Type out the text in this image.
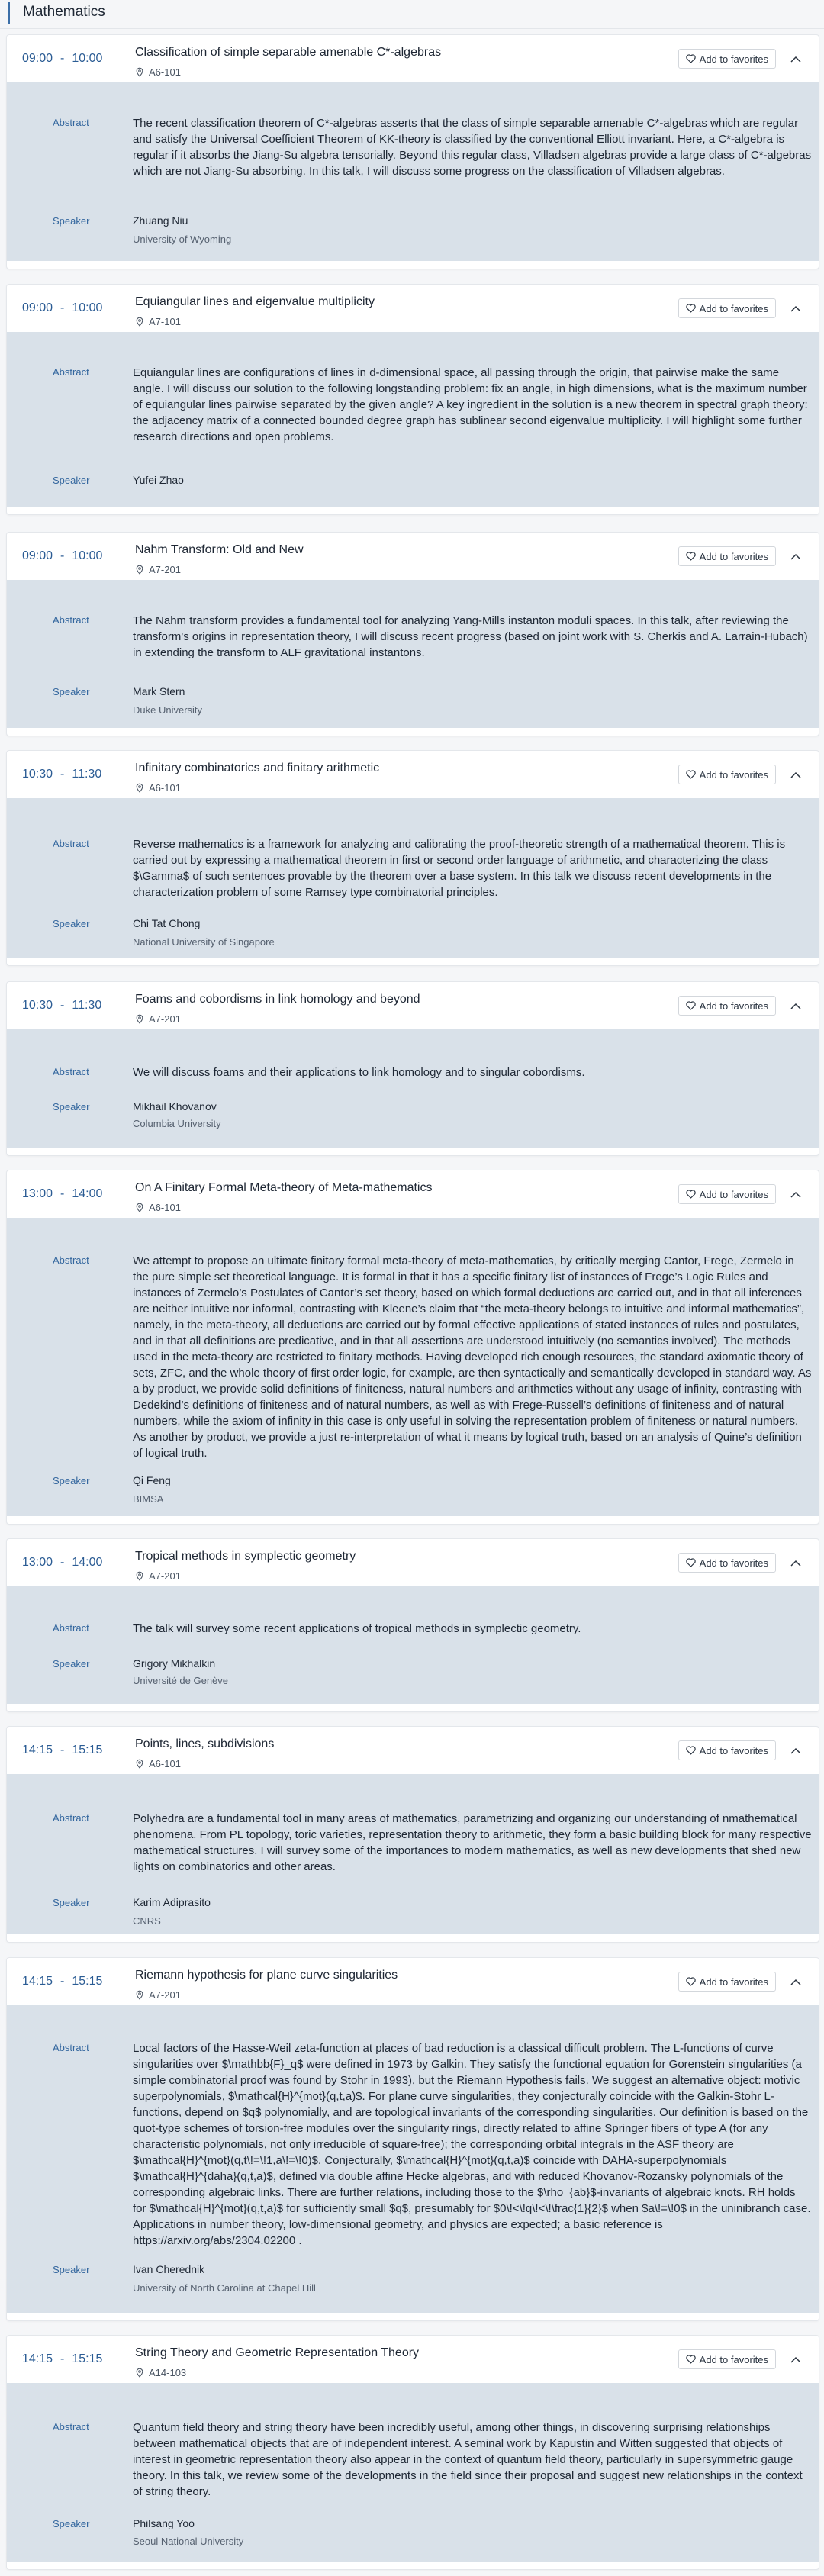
Mathematics
09:00 - 10:00	Classification of simple separable amenable C*-algebras
A6-101
Add to favorites
Abstract	The recent classification theorem of C*-algebras asserts that the class of simple separable amenable C*-algebras which are regular and satisfy the Universal Coefficient Theorem of KK-theory is classified by the conventional Elliott invariant. Here, a C*-algebra is regular if it absorbs the Jiang-Su algebra tensorially. Beyond this regular class, Villadsen algebras provide a large class of C*-algebras which are not Jiang-Su absorbing. In this talk, I will discuss some progress on the classification of Villadsen algebras.
Speaker	Zhuang Niu
University of Wyoming
09:00 - 10:00	Equiangular lines and eigenvalue multiplicity
A7-101
Add to favorites
Abstract	Equiangular lines are configurations of lines in d-dimensional space, all passing through the origin, that pairwise make the same angle. I will discuss our solution to the following longstanding problem: fix an angle, in high dimensions, what is the maximum number of equiangular lines pairwise separated by the given angle? A key ingredient in the solution is a new theorem in spectral graph theory: the adjacency matrix of a connected bounded degree graph has sublinear second eigenvalue multiplicity. I will highlight some further research directions and open problems.
Speaker	Yufei Zhao
09:00 - 10:00	Nahm Transform: Old and New
A7-201
Add to favorites
Abstract	The Nahm transform provides a fundamental tool for analyzing Yang-Mills instanton moduli spaces. In this talk, after reviewing the transform's origins in representation theory, I will discuss recent progress (based on joint work with S. Cherkis and A. Larrain-Hubach) in extending the transform to ALF gravitational instantons.
Speaker	Mark Stern
Duke University
10:30 - 11:30	Infinitary combinatorics and finitary arithmetic
A6-101
Add to favorites
Abstract	Reverse mathematics is a framework for analyzing and calibrating the proof-theoretic strength of a mathematical theorem. This is carried out by expressing a mathematical theorem in first or second order language of arithmetic, and characterizing the class $\Gamma$ of such sentences provable by the theorem over a base system. In this talk we discuss recent developments in the characterization problem of some Ramsey type combinatorial principles.
Speaker	Chi Tat Chong
National University of Singapore
10:30 - 11:30	Foams and cobordisms in link homology and beyond
A7-201
Add to favorites
Abstract	We will discuss foams and their applications to link homology and to singular cobordisms.
Speaker	Mikhail Khovanov
Columbia University
13:00 - 14:00	On A Finitary Formal Meta-theory of Meta-mathematics
A6-101
Add to favorites
Abstract	We attempt to propose an ultimate finitary formal meta-theory of meta-mathematics, by critically merging Cantor, Frege, Zermelo in the pure simple set theoretical language. It is formal in that it has a specific finitary list of instances of Frege’s Logic Rules and instances of Zermelo’s Postulates of Cantor’s set theory, based on which formal deductions are carried out, and in that all inferences are neither intuitive nor informal, contrasting with Kleene’s claim that “the meta-theory belongs to intuitive and informal mathematics”, namely, in the meta-theory, all deductions are carried out by formal effective applications of stated instances of rules and postulates, and in that all definitions are predicative, and in that all assertions are understood intuitively (no semantics involved). The methods used in the meta-theory are restricted to finitary methods. Having developed rich enough resources, the standard axiomatic theory of sets, ZFC, and the whole theory of first order logic, for example, are then syntactically and semantically developed in standard way. As a by product, we provide solid definitions of finiteness, natural numbers and arithmetics without any usage of infinity, contrasting with Dedekind’s definitions of finiteness and of natural numbers, as well as with Frege-Russell’s definitions of finiteness and of natural numbers, while the axiom of infinity in this case is only useful in solving the representation problem of finiteness or natural numbers. As another by product, we provide a just re-interpretation of what it means by logical truth, based on an analysis of Quine’s definition of logical truth.
Speaker	Qi Feng
BIMSA
13:00 - 14:00	Tropical methods in symplectic geometry
A7-201
Add to favorites
Abstract	The talk will survey some recent applications of tropical methods in symplectic geometry.
Speaker	Grigory Mikhalkin
Université de Genève
14:15 - 15:15	Points, lines, subdivisions
A6-101
Add to favorites
Abstract	Polyhedra are a fundamental tool in many areas of mathematics, parametrizing and organizing our understanding of nmathematical phenomena. From PL topology, toric varieties, representation theory to arithmetic, they form a basic building block for many respective mathematical structures. I will survey some of the importances to modern mathematics, as well as new developments that shed new lights on combinatorics and other areas.
Speaker	Karim Adiprasito
CNRS
14:15 - 15:15	Riemann hypothesis for plane curve singularities
A7-201
Add to favorites
Abstract	Local factors of the Hasse-Weil zeta-function at places of bad reduction is a classical difficult problem. The L-functions of curve singularities over $\mathbb{F}_q$ were defined in 1973 by Galkin. They satisfy the functional equation for Gorenstein singularities (a simple combinatorial proof was found by Stohr in 1993), but the Riemann Hypothesis fails. We suggest an alternative object: motivic superpolynomials, $\mathcal{H}^{mot}(q,t,a)$. For plane curve singularities, they conjecturally coincide with the Galkin-Stohr L-functions, depend on $q$ polynomially, and are topological invariants of the corresponding singularities. Our definition is based on the quot-type schemes of torsion-free modules over the singularity rings, directly related to affine Springer fibers of type A (for any characteristic polynomials, not only irreducible of square-free); the corresponding orbital integrals in the ASF theory are $\mathcal{H}^{mot}(q,t\!=\!1,a\!=\!0)$. Conjecturally, $\mathcal{H}^{mot}(q,t,a)$ coincide with DAHA-superpolynomials $\mathcal{H}^{daha}(q,t,a)$, defined via double affine Hecke algebras, and with reduced Khovanov-Rozansky polynomials of the corresponding algebraic links. There are further relations, including those to the $\rho_{ab}$-invariants of algebraic knots. RH holds for $\mathcal{H}^{mot}(q,t,a)$ for sufficiently small $q$, presumably for $0\!<\!q\!<\!\frac{1}{2}$ when $a\!=\!0$ in the uninibranch case. Applications in number theory, low-dimensional geometry, and physics are expected; a basic reference is https://arxiv.org/abs/2304.02200 .
Speaker	Ivan Cherednik
University of North Carolina at Chapel Hill
14:15 - 15:15	String Theory and Geometric Representation Theory
A14-103
Add to favorites
Abstract	Quantum field theory and string theory have been incredibly useful, among other things, in discovering surprising relationships between mathematical objects that are of independent interest. A seminal work by Kapustin and Witten suggested that objects of interest in geometric representation theory also appear in the context of quantum field theory, particularly in supersymmetric gauge theory. In this talk, we review some of the developments in the field since their proposal and suggest new relationships in the context of string theory.
Speaker	Philsang Yoo
Seoul National University
